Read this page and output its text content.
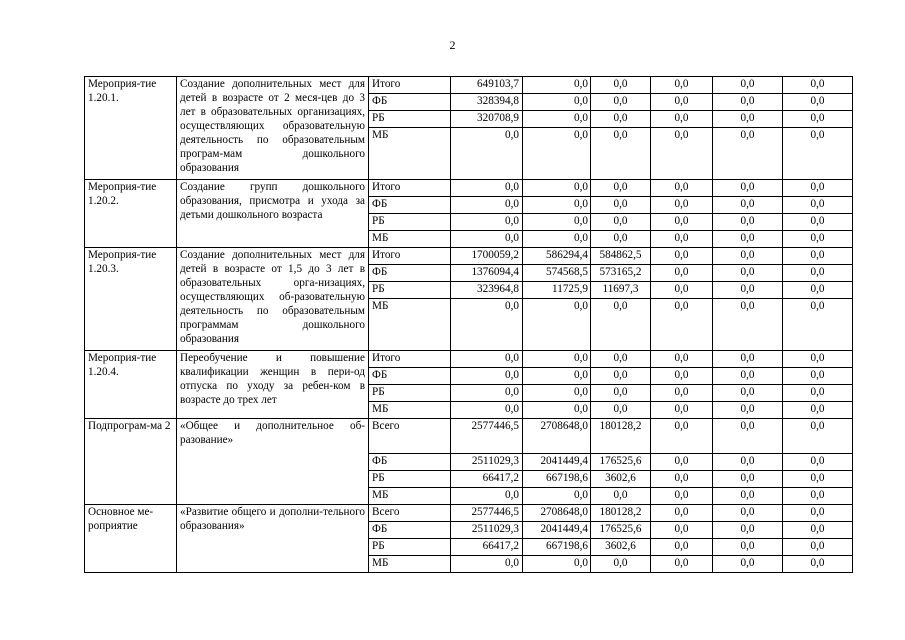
2
Мероприя-тие 1.20.1.	Создание дополнительных мест для детей в возрасте от 2 меся-цев до 3 лет в образовательных организациях, осуществляющих образовательную деятельность по образовательным програм-мам дошкольного образования	Итого	649103,7	0,0	0,0	0,0	0,0	0,0
		ФБ	328394,8	0,0	0,0	0,0	0,0	0,0
		РБ	320708,9	0,0	0,0	0,0	0,0	0,0
		МБ	0,0	0,0	0,0	0,0	0,0	0,0
Мероприя-тие 1.20.2.	Создание групп дошкольного образования, присмотра и ухода за детьми дошкольного возраста	Итого	0,0	0,0	0,0	0,0	0,0	0,0
		ФБ	0,0	0,0	0,0	0,0	0,0	0,0
		РБ	0,0	0,0	0,0	0,0	0,0	0,0
		МБ	0,0	0,0	0,0	0,0	0,0	0,0
Мероприя-тие 1.20.3.	Создание дополнительных мест для детей в возрасте от 1,5 до 3 лет в образовательных орга-низациях, осуществляющих об-разовательную деятельность по образовательным программам дошкольного образования	Итого	1700059,2	586294,4	584862,5	0,0	0,0	0,0
		ФБ	1376094,4	574568,5	573165,2	0,0	0,0	0,0
		РБ	323964,8	11725,9	11697,3	0,0	0,0	0,0
		МБ	0,0	0,0	0,0	0,0	0,0	0,0
Мероприя-тие 1.20.4.	Переобучение и повышение квалификации женщин в пери-од отпуска по уходу за ребен-ком в возрасте до трех лет	Итого	0,0	0,0	0,0	0,0	0,0	0,0
		ФБ	0,0	0,0	0,0	0,0	0,0	0,0
		РБ	0,0	0,0	0,0	0,0	0,0	0,0
		МБ	0,0	0,0	0,0	0,0	0,0	0,0
Подпрограм-ма 2	«Общее и дополнительное об-разование»	Всего	2577446,5	2708648,0	180128,2	0,0	0,0	0,0
		ФБ	2511029,3	2041449,4	176525,6	0,0	0,0	0,0
		РБ	66417,2	667198,6	3602,6	0,0	0,0	0,0
		МБ	0,0	0,0	0,0	0,0	0,0	0,0
Основное ме-роприятие	«Развитие общего и дополни-тельного образования»	Всего	2577446,5	2708648,0	180128,2	0,0	0,0	0,0
		ФБ	2511029,3	2041449,4	176525,6	0,0	0,0	0,0
		РБ	66417,2	667198,6	3602,6	0,0	0,0	0,0
		МБ	0,0	0,0	0,0	0,0	0,0	0,0
